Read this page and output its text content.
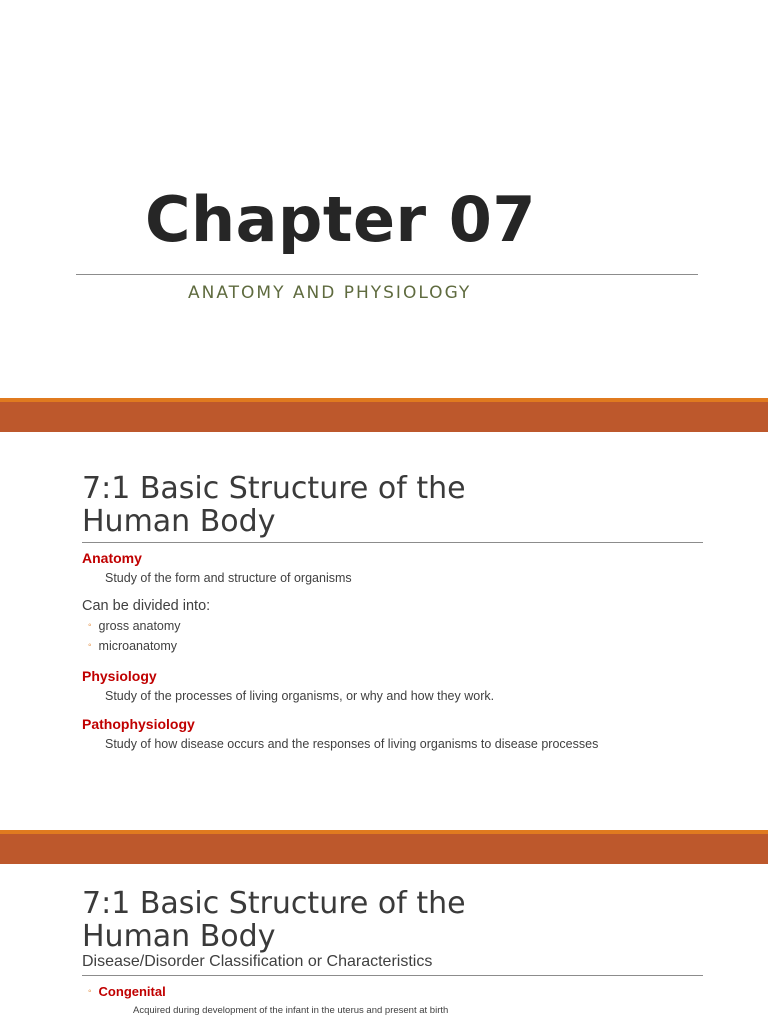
Chapter 07
ANATOMY AND PHYSIOLOGY
7:1 Basic Structure of the
Human Body
Anatomy
Study of the form and structure of organisms
Can be divided into:
◦ gross anatomy
◦ microanatomy
Physiology
Study of the processes of living organisms, or why and how they work.
Pathophysiology
Study of how disease occurs and the responses of living organisms to disease processes
7:1 Basic Structure of the
Human Body
Disease/Disorder Classification or Characteristics
◦ Congenital
Acquired during development of the infant in the uterus and present at birth
